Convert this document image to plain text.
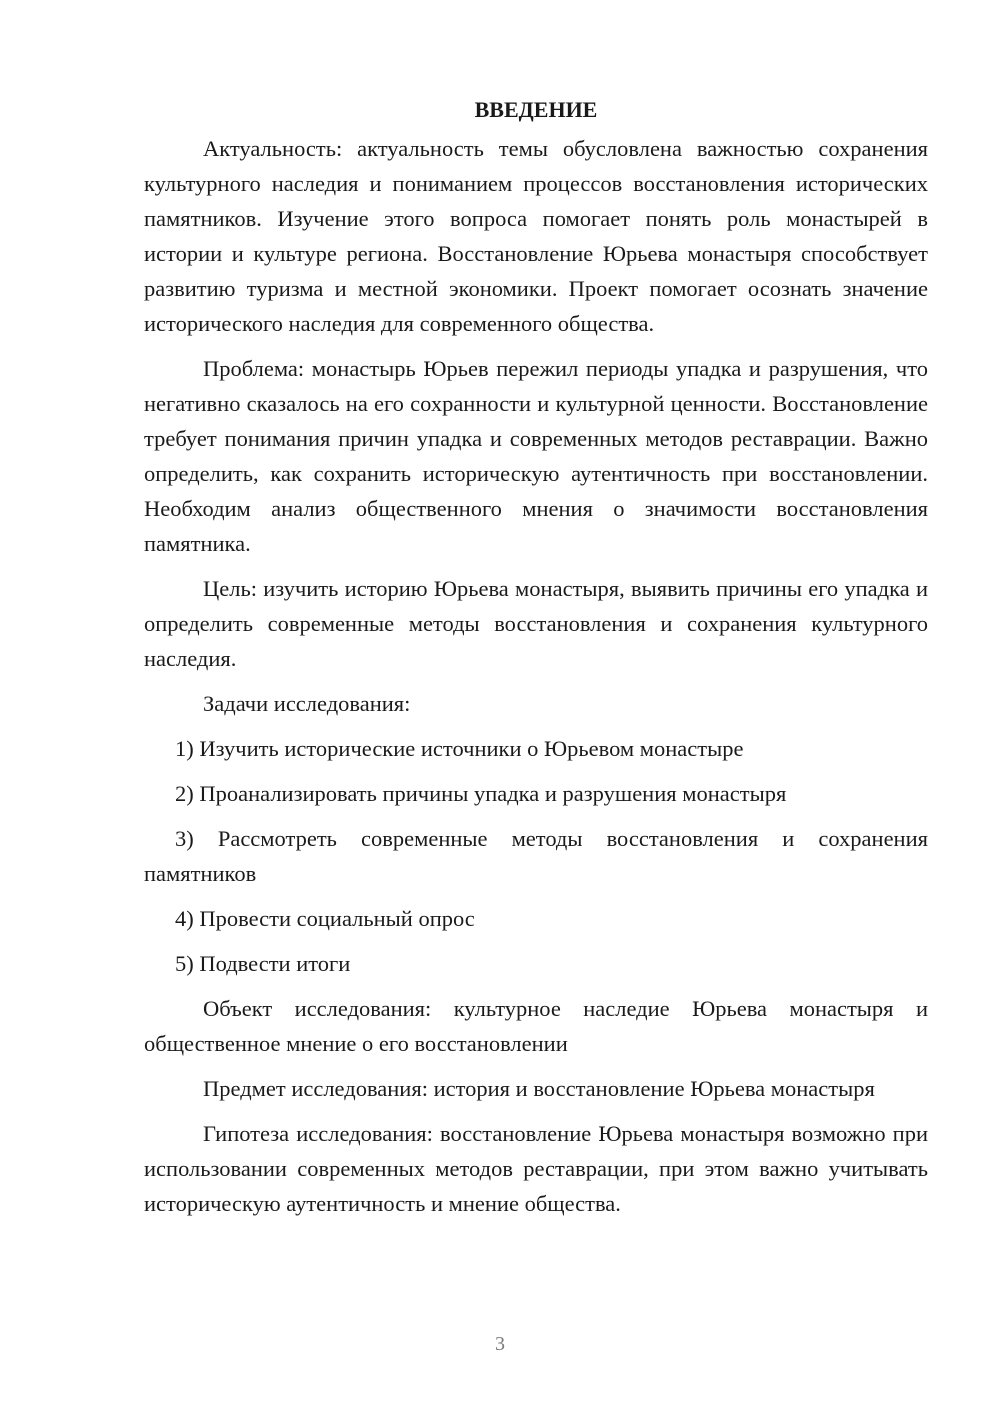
ВВЕДЕНИЕ

Актуальность: актуальность темы обусловлена важностью сохранения культурного наследия и пониманием процессов восстановления исторических памятников. Изучение этого вопроса помогает понять роль монастырей в истории и культуре региона. Восстановление Юрьева монастыря способствует развитию туризма и местной экономики. Проект помогает осознать значение исторического наследия для современного общества.

Проблема: монастырь Юрьев пережил периоды упадка и разрушения, что негативно сказалось на его сохранности и культурной ценности. Восстановление требует понимания причин упадка и современных методов реставрации. Важно определить, как сохранить историческую аутентичность при восстановлении. Необходим анализ общественного мнения о значимости восстановления памятника.

Цель: изучить историю Юрьева монастыря, выявить причины его упадка и определить современные методы восстановления и сохранения культурного наследия.

Задачи исследования:

1) Изучить исторические источники о Юрьевом монастыре

2) Проанализировать причины упадка и разрушения монастыря

3) Рассмотреть современные методы восстановления и сохранения памятников

4) Провести социальный опрос

5) Подвести итоги

Объект исследования: культурное наследие Юрьева монастыря и общественное мнение о его восстановлении

Предмет исследования: история и восстановление Юрьева монастыря

Гипотеза исследования: восстановление Юрьева монастыря возможно при использовании современных методов реставрации, при этом важно учитывать историческую аутентичность и мнение общества.

3
